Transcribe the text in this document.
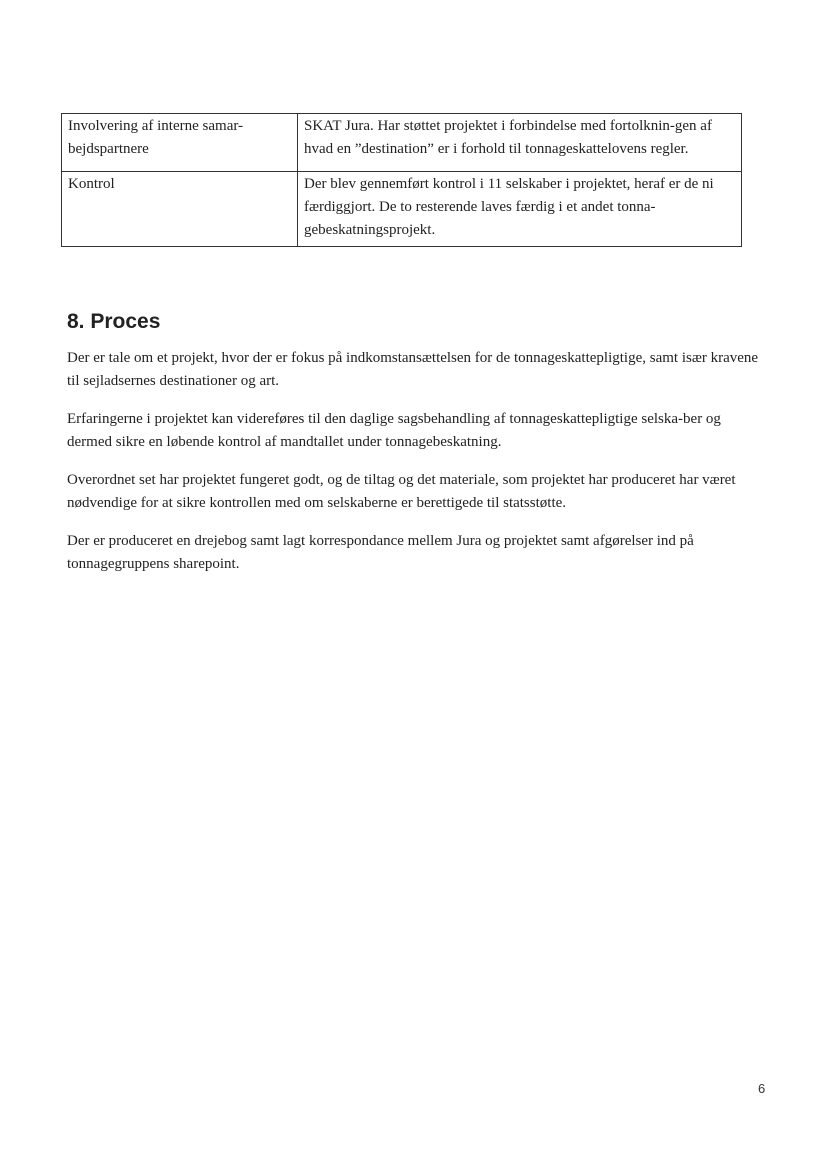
Involvering af interne samar-bejdspartnere	SKAT Jura. Har støttet projektet i forbindelse med fortolknin-gen af hvad en ”destination” er i forhold til tonnageskattelovens regler.
Kontrol	Der blev gennemført kontrol i 11 selskaber i projektet, heraf er de ni færdiggjort. De to resterende laves færdig i et andet tonna-gebeskatningsprojekt.
8. Proces

Der er tale om et projekt, hvor der er fokus på indkomstansættelsen for de tonnageskattepligtige, samt især kravene til sejladsernes destinationer og art.

Erfaringerne i projektet kan videreføres til den daglige sagsbehandling af tonnageskattepligtige selska-ber og dermed sikre en løbende kontrol af mandtallet under tonnagebeskatning.

Overordnet set har projektet fungeret godt, og de tiltag og det materiale, som projektet har produceret har været nødvendige for at sikre kontrollen med om selskaberne er berettigede til statsstøtte.

Der er produceret en drejebog samt lagt korrespondance mellem Jura og projektet samt afgørelser ind på tonnagegruppens sharepoint.

6
